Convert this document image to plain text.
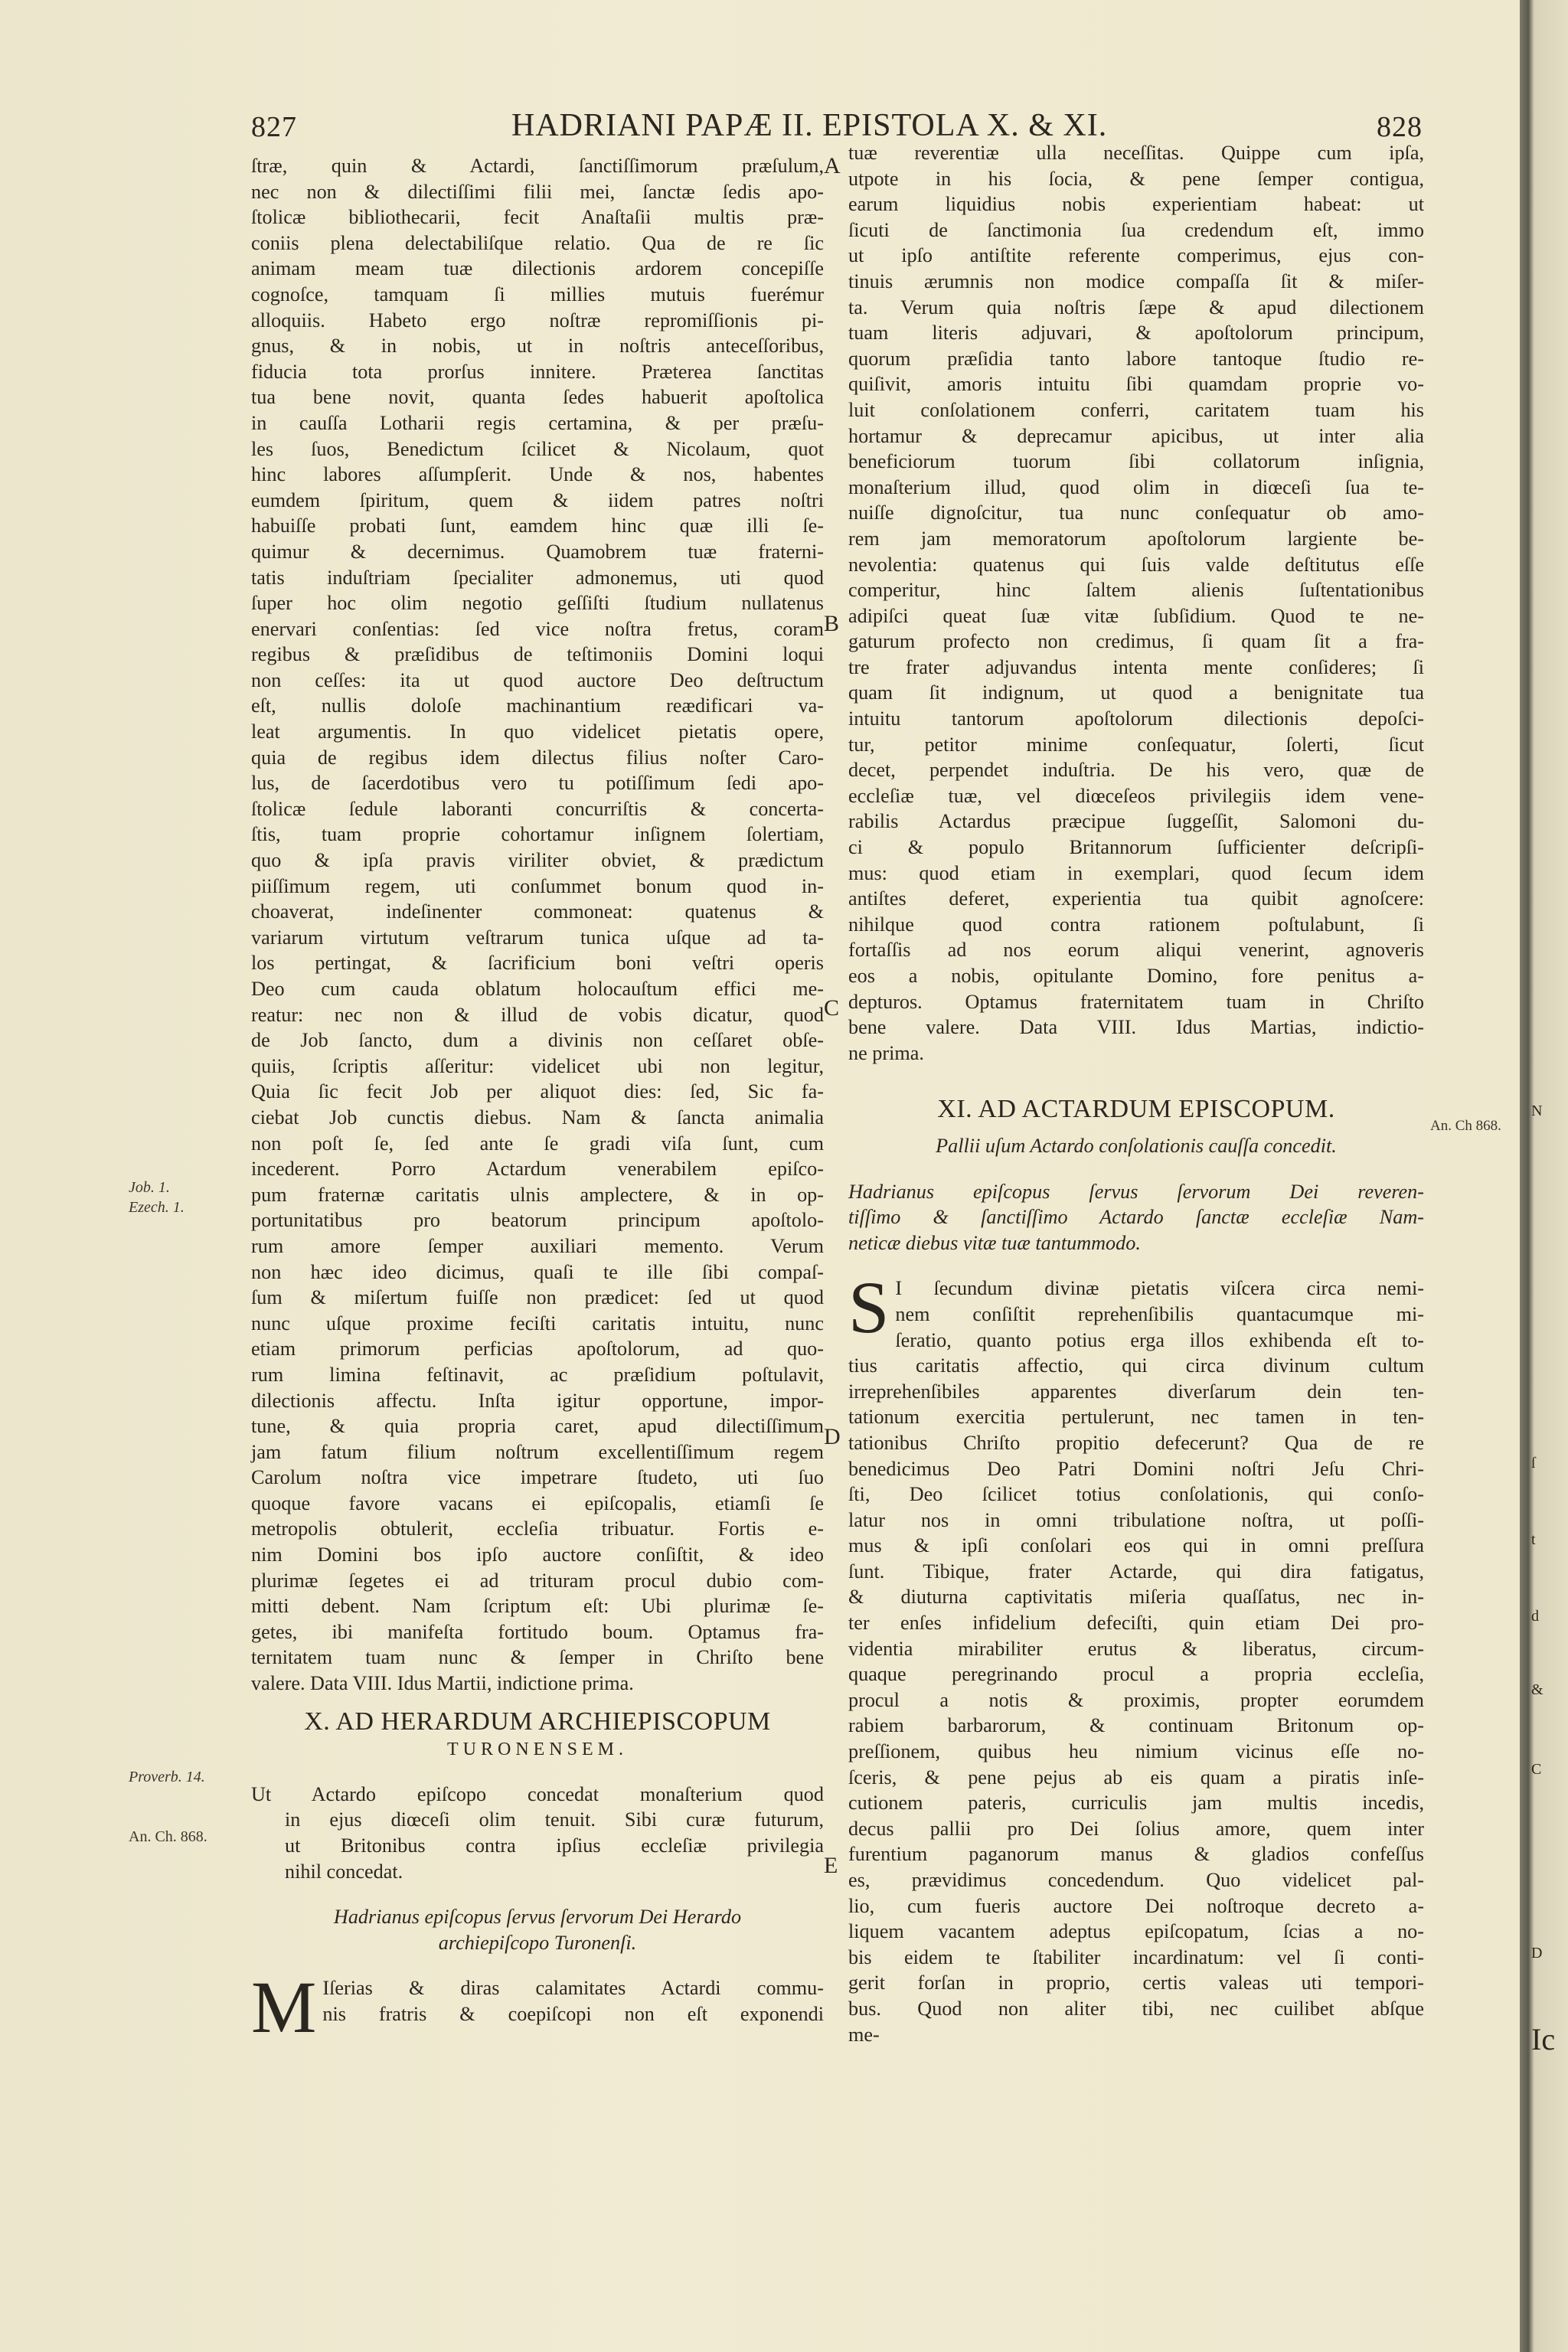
827	HADRIANI PAPÆ II. EPISTOLA X. & XI.	828
ſtræ, quin & Actardi, ſanctiſſimorum præſulum,
nec non & dilectiſſimi filii mei, ſanctæ ſedis apo-
ſtolicæ bibliothecarii, fecit Anaſtaſii multis præ-
coniis plena delectabiliſque relatio. Qua de re ſic
animam meam tuæ dilectionis ardorem concepiſſe
cognoſce, tamquam ſi millies mutuis fuerémur
alloquiis. Habeto ergo noſtræ repromiſſionis pi-
gnus, & in nobis, ut in noſtris anteceſſoribus,
fiducia tota prorſus innitere. Præterea ſanctitas
tua bene novit, quanta ſedes habuerit apoſtolica
in cauſſa Lotharii regis certamina, & per præſu-
les ſuos, Benedictum ſcilicet & Nicolaum, quot
hinc labores aſſumpſerit. Unde & nos, habentes
eumdem ſpiritum, quem & iidem patres noſtri
habuiſſe probati ſunt, eamdem hinc quæ illi ſe-
quimur & decernimus. Quamobrem tuæ fraterni-
tatis induſtriam ſpecialiter admonemus, uti quod
ſuper hoc olim negotio geſſiſti ſtudium nullatenus
enervari conſentias: ſed vice noſtra fretus, coram
regibus & præſidibus de teſtimoniis Domini loqui
non ceſſes: ita ut quod auctore Deo deſtructum
eſt, nullis doloſe machinantium reædificari va-
leat argumentis. In quo videlicet pietatis opere,
quia de regibus idem dilectus filius noſter Caro-
lus, de ſacerdotibus vero tu potiſſimum ſedi apo-
ſtolicæ ſedule laboranti concurriſtis & concerta-
ſtis, tuam proprie cohortamur inſignem ſolertiam,
quo & ipſa pravis viriliter obviet, & prædictum
piiſſimum regem, uti conſummet bonum quod in-
choaverat, indeſinenter commoneat: quatenus &
variarum virtutum veſtrarum tunica uſque ad ta-
los pertingat, & ſacrificium boni veſtri operis
Deo cum cauda oblatum holocauſtum effici me-
reatur: nec non & illud de vobis dicatur, quod
de Job ſancto, dum a divinis non ceſſaret obſe-
quiis, ſcriptis aſſeritur: videlicet ubi non legitur,
Quia ſic fecit Job per aliquot dies: ſed, Sic fa-
ciebat Job cunctis diebus. Nam & ſancta animalia
non poſt ſe, ſed ante ſe gradi viſa ſunt, cum
incederent. Porro Actardum venerabilem epiſco-
pum fraternæ caritatis ulnis amplectere, & in op-
portunitatibus pro beatorum principum apoſtolo-
rum amore ſemper auxiliari memento. Verum
non hæc ideo dicimus, quaſi te ille ſibi compaſ-
ſum & miſertum fuiſſe non prædicet: ſed ut quod
nunc uſque proxime feciſti caritatis intuitu, nunc
etiam primorum perficias apoſtolorum, ad quo-
rum limina feſtinavit, ac præſidium poſtulavit,
dilectionis affectu. Inſta igitur opportune, impor-
tune, & quia propria caret, apud dilectiſſimum
jam fatum filium noſtrum excellentiſſimum regem
Carolum noſtra vice impetrare ſtudeto, uti ſuo
quoque favore vacans ei epiſcopalis, etiamſi ſe
metropolis obtulerit, eccleſia tribuatur. Fortis e-
nim Domini bos ipſo auctore conſiſtit, & ideo
plurimæ ſegetes ei ad trituram procul dubio com-
mitti debent. Nam ſcriptum eſt: Ubi plurimæ ſe-
getes, ibi manifeſta fortitudo boum. Optamus fra-
ternitatem tuam nunc & ſemper in Chriſto bene
valere. Data VIII. Idus Martii, indictione prima.
X. AD HERARDUM ARCHIEPISCOPUM
TURONENSEM.
Ut Actardo epiſcopo concedat monaſterium quod
in ejus diœceſi olim tenuit. Sibi curæ futurum,
ut Britonibus contra ipſius eccleſiæ privilegia
nihil concedat.
Hadrianus epiſcopus ſervus ſervorum Dei Herardo
archiepiſcopo Turonenſi.
M Iſerias & diras calamitates Actardi commu-
nis fratris & coepiſcopi non eſt exponendi
tuæ reverentiæ ulla neceſſitas. Quippe cum ipſa,
utpote in his ſocia, & pene ſemper contigua,
earum liquidius nobis experientiam habeat: ut
ſicuti de ſanctimonia ſua credendum eſt, immo
ut ipſo antiſtite referente comperimus, ejus con-
tinuis ærumnis non modice compaſſa ſit & miſer-
ta. Verum quia noſtris ſæpe & apud dilectionem
tuam literis adjuvari, & apoſtolorum principum,
quorum præſidia tanto labore tantoque ſtudio re-
quiſivit, amoris intuitu ſibi quamdam proprie vo-
luit conſolationem conferri, caritatem tuam his
hortamur & deprecamur apicibus, ut inter alia
beneficiorum tuorum ſibi collatorum inſignia,
monaſterium illud, quod olim in diœceſi ſua te-
nuiſſe dignoſcitur, tua nunc conſequatur ob amo-
rem jam memoratorum apoſtolorum largiente be-
nevolentia: quatenus qui ſuis valde deſtitutus eſſe
comperitur, hinc ſaltem alienis ſuſtentationibus
adipiſci queat ſuæ vitæ ſubſidium. Quod te ne-
gaturum profecto non credimus, ſi quam ſit a fra-
tre frater adjuvandus intenta mente conſideres; ſi
quam ſit indignum, ut quod a benignitate tua
intuitu tantorum apoſtolorum dilectionis depoſci-
tur, petitor minime conſequatur, ſolerti, ſicut
decet, perpendet induſtria. De his vero, quæ de
eccleſiæ tuæ, vel diœceſeos privilegiis idem vene-
rabilis Actardus præcipue ſuggeſſit, Salomoni du-
ci & populo Britannorum ſufficienter deſcripſi-
mus: quod etiam in exemplari, quod ſecum idem
antiſtes deferet, experientia tua quibit agnoſcere:
nihilque quod contra rationem poſtulabunt, ſi
fortaſſis ad nos eorum aliqui venerint, agnoveris
eos a nobis, opitulante Domino, fore penitus a-
depturos. Optamus fraternitatem tuam in Chriſto
bene valere. Data VIII. Idus Martias, indictio-
ne prima.
XI. AD ACTARDUM EPISCOPUM.
Pallii uſum Actardo conſolationis cauſſa concedit.
Hadrianus epiſcopus ſervus ſervorum Dei reveren-
tiſſimo & ſanctiſſimo Actardo ſanctæ eccleſiæ Nam-
neticæ diebus vitæ tuæ tantummodo.
S I ſecundum divinæ pietatis viſcera circa nemi-
nem conſiſtit reprehenſibilis quantacumque mi-
ſeratio, quanto potius erga illos exhibenda eſt to-
tius caritatis affectio, qui circa divinum cultum
irreprehenſibiles apparentes diverſarum dein ten-
tationum exercitia pertulerunt, nec tamen in ten-
tationibus Chriſto propitio defecerunt? Qua de re
benedicimus Deo Patri Domini noſtri Jeſu Chri-
ſti, Deo ſcilicet totius conſolationis, qui conſo-
latur nos in omni tribulatione noſtra, ut poſſi-
mus & ipſi conſolari eos qui in omni preſſura
ſunt. Tibique, frater Actarde, qui dira fatigatus,
& diuturna captivitatis miſeria quaſſatus, nec in-
ter enſes infidelium defeciſti, quin etiam Dei pro-
videntia mirabiliter erutus & liberatus, circum-
quaque peregrinando procul a propria eccleſia,
procul a notis & proximis, propter eorumdem
rabiem barbarorum, & continuam Britonum op-
preſſionem, quibus heu nimium vicinus eſſe no-
ſceris, & pene pejus ab eis quam a piratis inſe-
cutionem pateris, curriculis jam multis incedis,
decus pallii pro Dei ſolius amore, quem inter
furentium paganorum manus & gladios confeſſus
es, prævidimus concedendum. Quo videlicet pal-
lio, cum fueris auctore Dei noſtroque decreto a-
liquem vacantem adeptus epiſcopatum, ſcias a no-
bis eidem te ſtabiliter incardinatum: vel ſi conti-
gerit forſan in proprio, certis valeas uti tempori-
bus. Quod non aliter tibi, nec cuilibet abſque
me-
Job. 1.
Ezech. 1.
Proverb. 14.
An. Ch. 868.
An. Ch 868.
A
B
C
D
E
N
ſ
t
D
d
&
Ic
C
